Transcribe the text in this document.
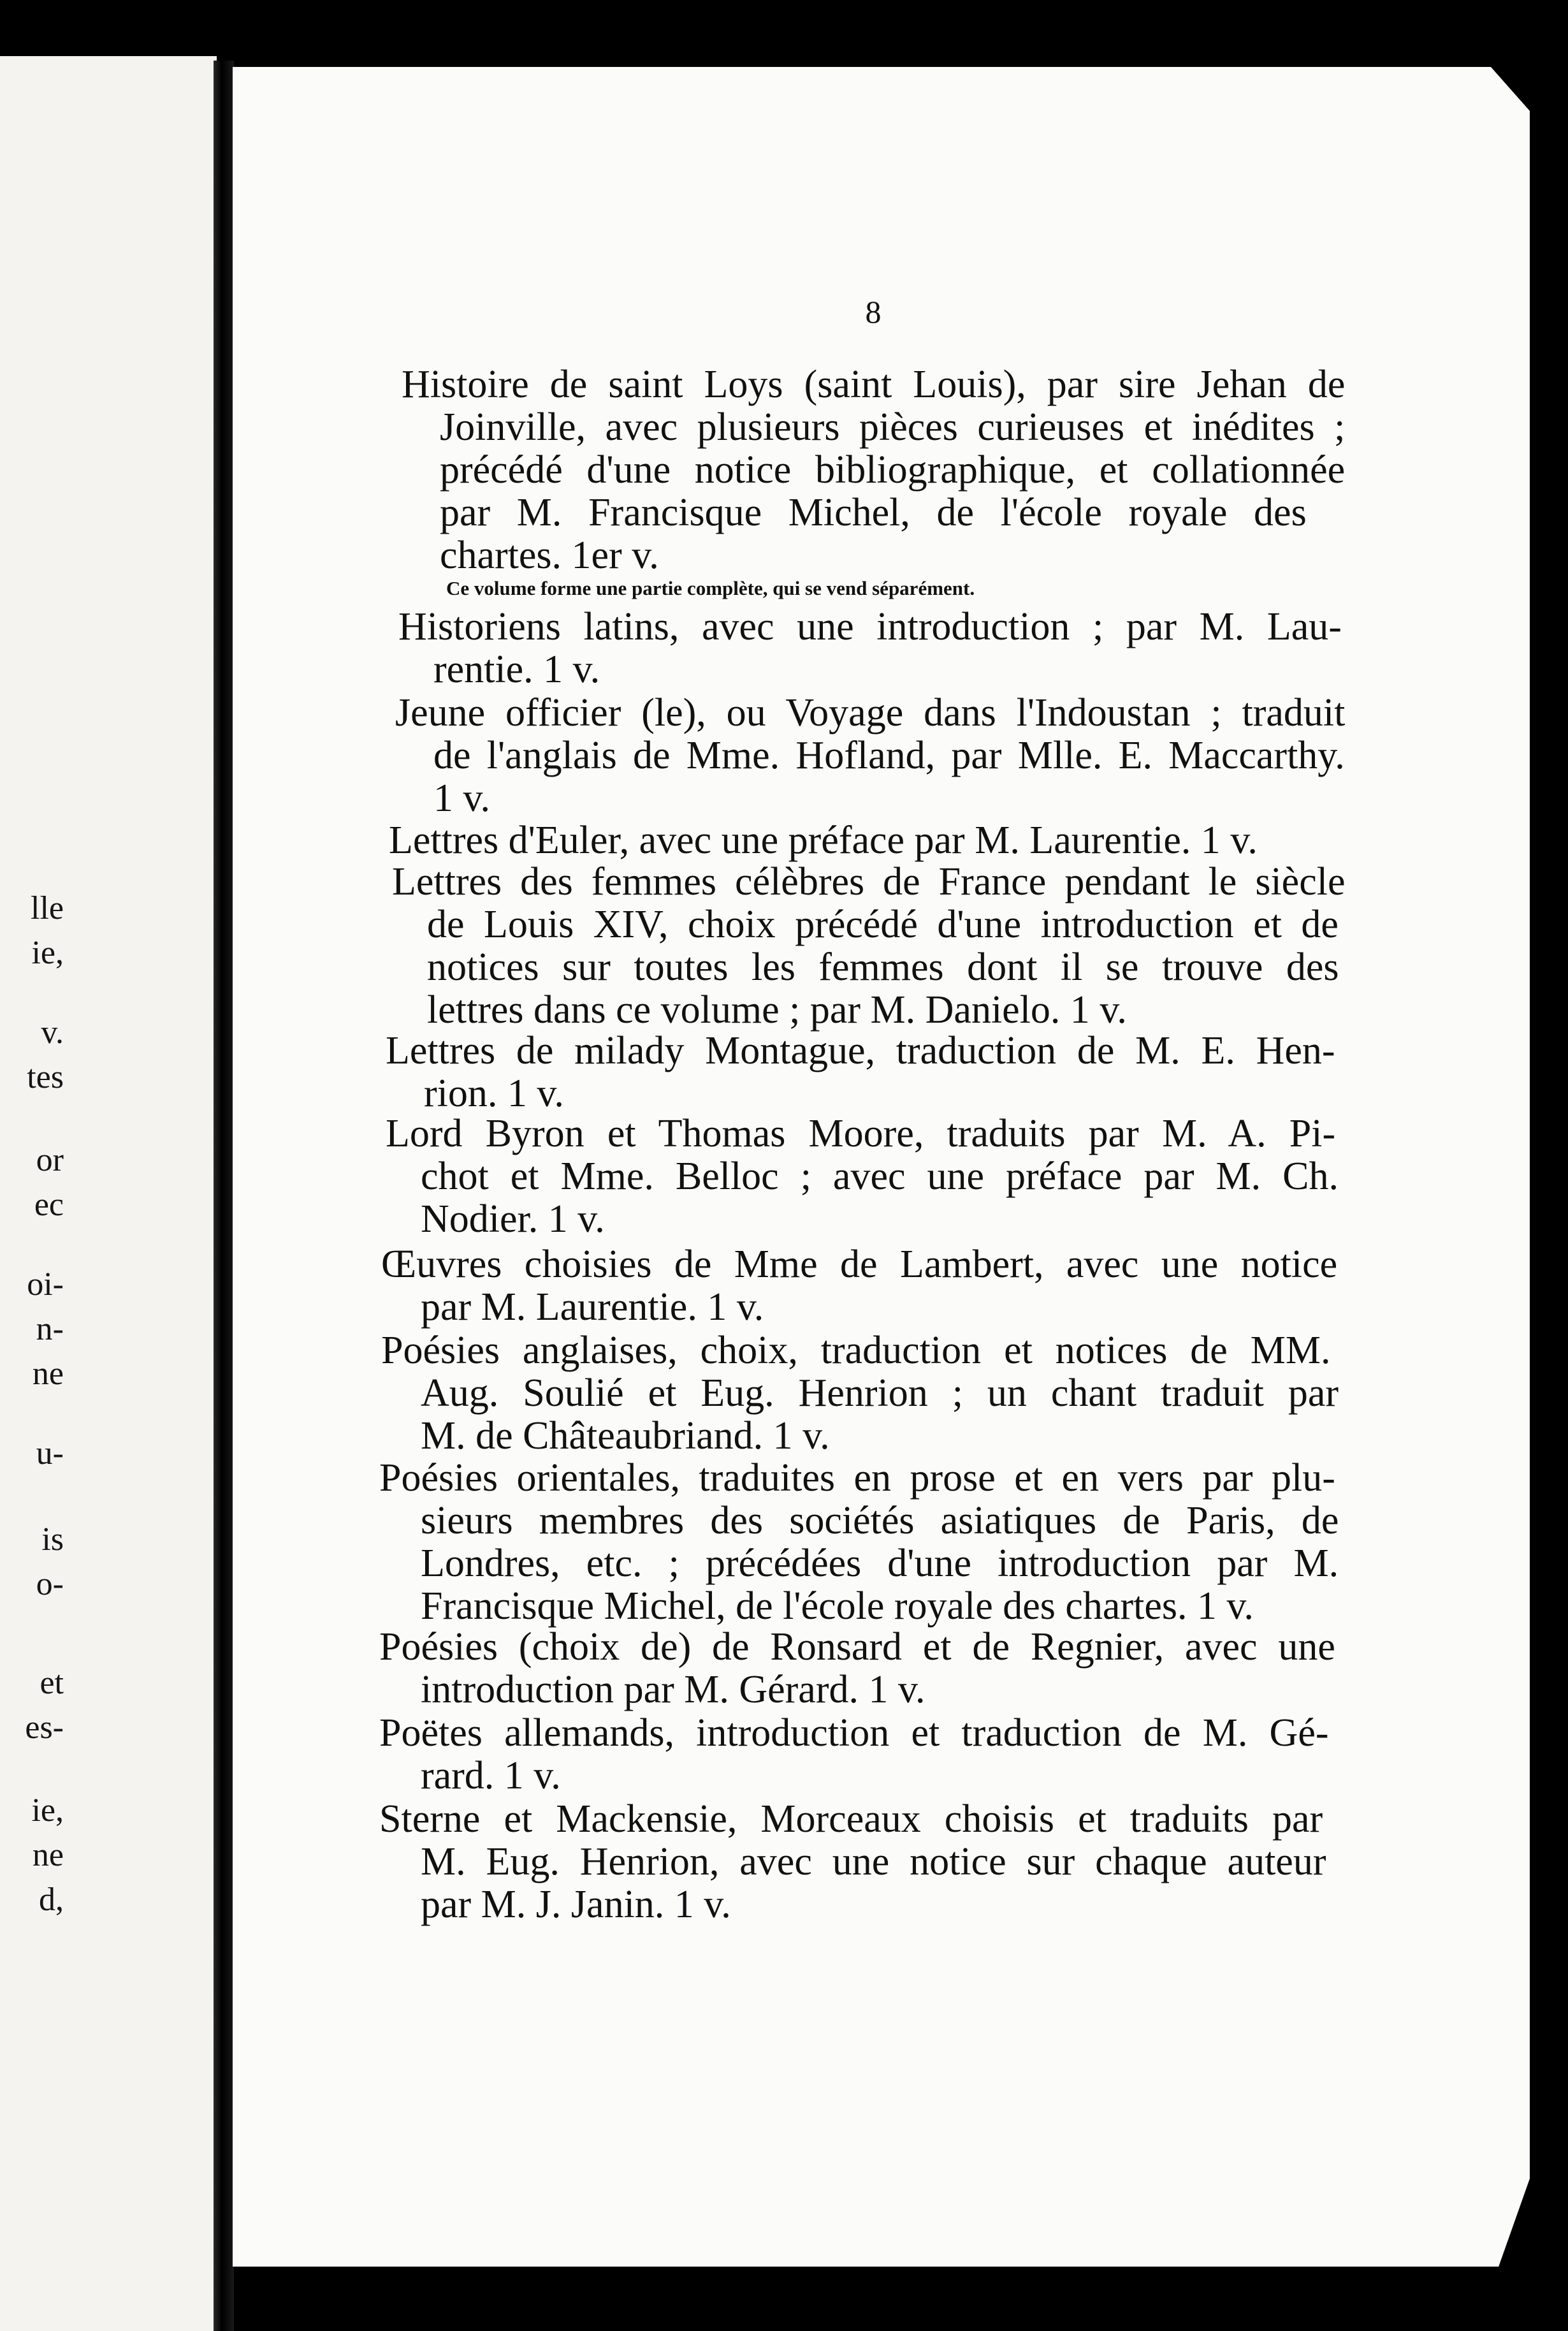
lle
ie,
v.
tes
or
ec
oi-
n-
ne
u-
is
o-
et
es-
ie,
ne
d,
8
Histoire de saint Loys (saint Louis), par sire Jehan de
Joinville, avec plusieurs pièces curieuses et inédites ;
précédé d'une notice bibliographique, et collationnée
par M. Francisque Michel, de l'école royale des
chartes. 1er v.
Ce volume forme une partie complète, qui se vend séparément.
Historiens latins, avec une introduction ; par M. Lau-
rentie. 1 v.
Jeune officier (le), ou Voyage dans l'Indoustan ; traduit
de l'anglais de Mme. Hofland, par Mlle. E. Maccarthy.
1 v.
Lettres d'Euler, avec une préface par M. Laurentie. 1 v.
Lettres des femmes célèbres de France pendant le siècle
de Louis XIV, choix précédé d'une introduction et de
notices sur toutes les femmes dont il se trouve des
lettres dans ce volume ; par M. Danielo. 1 v.
Lettres de milady Montague, traduction de M. E. Hen-
rion. 1 v.
Lord Byron et Thomas Moore, traduits par M. A. Pi-
chot et Mme. Belloc ; avec une préface par M. Ch.
Nodier. 1 v.
Œuvres choisies de Mme de Lambert, avec une notice
par M. Laurentie. 1 v.
Poésies anglaises, choix, traduction et notices de MM.
Aug. Soulié et Eug. Henrion ; un chant traduit par
M. de Châteaubriand. 1 v.
Poésies orientales, traduites en prose et en vers par plu-
sieurs membres des sociétés asiatiques de Paris, de
Londres, etc. ; précédées d'une introduction par M.
Francisque Michel, de l'école royale des chartes. 1 v.
Poésies (choix de) de Ronsard et de Regnier, avec une
introduction par M. Gérard. 1 v.
Poëtes allemands, introduction et traduction de M. Gé-
rard. 1 v.
Sterne et Mackensie, Morceaux choisis et traduits par
M. Eug. Henrion, avec une notice sur chaque auteur
par M. J. Janin. 1 v.
